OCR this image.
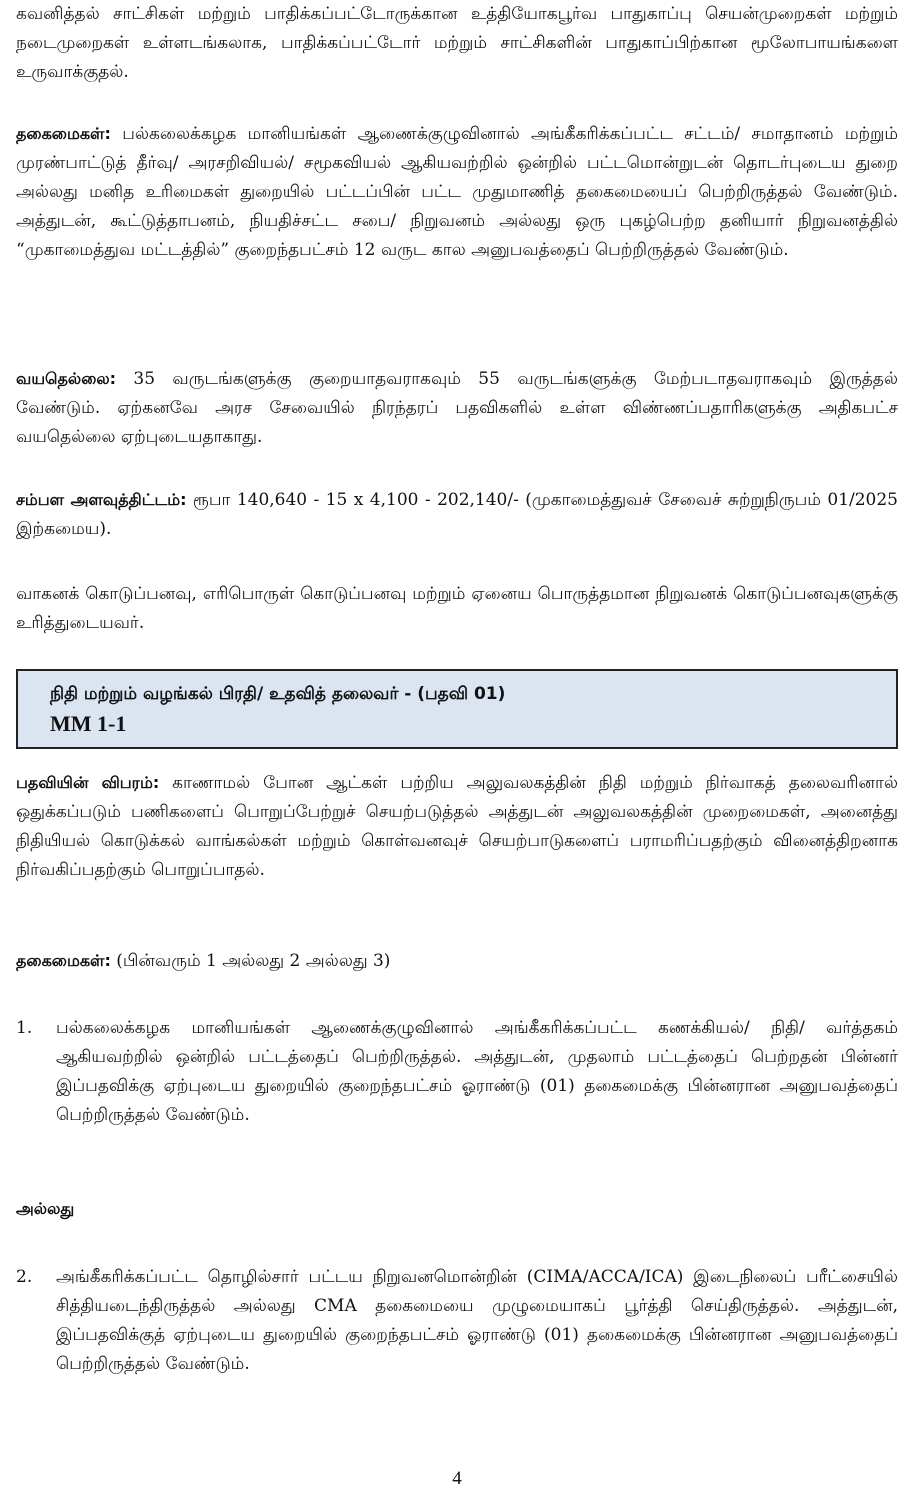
கவனித்தல் சாட்சிகள் மற்றும் பாதிக்கப்பட்டோருக்கான உத்தியோகபூர்வ பாதுகாப்பு செயன்முறைகள் மற்றும் நடைமுறைகள் உள்ளடங்கலாக, பாதிக்கப்பட்டோர் மற்றும் சாட்சிகளின் பாதுகாப்பிற்கான மூலோபாயங்களை உருவாக்குதல்.

தகைமைகள்: பல்கலைக்கழக மானியங்கள் ஆணைக்குழுவினால் அங்கீகரிக்கப்பட்ட சட்டம்/ சமாதானம் மற்றும் முரண்பாட்டுத் தீர்வு/ அரசறிவியல்/ சமூகவியல் ஆகியவற்றில் ஒன்றில் பட்டமொன்றுடன் தொடர்புடைய துறை அல்லது மனித உரிமைகள் துறையில் பட்டப்பின் பட்ட முதுமாணித் தகைமையைப் பெற்றிருத்தல் வேண்டும். அத்துடன், கூட்டுத்தாபனம், நியதிச்சட்ட சபை/ நிறுவனம் அல்லது ஒரு புகழ்பெற்ற தனியார் நிறுவனத்தில் “முகாமைத்துவ மட்டத்தில்” குறைந்தபட்சம் 12 வருட கால அனுபவத்தைப் பெற்றிருத்தல் வேண்டும்.

வயதெல்லை: 35 வருடங்களுக்கு குறையாதவராகவும் 55 வருடங்களுக்கு மேற்படாதவராகவும் இருத்தல் வேண்டும். ஏற்கனவே அரச சேவையில் நிரந்தரப் பதவிகளில் உள்ள விண்ணப்பதாரிகளுக்கு அதிகபட்ச வயதெல்லை ஏற்புடையதாகாது.

சம்பள அளவுத்திட்டம்: ரூபா 140,640 - 15 x 4,100 - 202,140/- (முகாமைத்துவச் சேவைச் சுற்றுநிருபம் 01/2025 இற்கமைய).

வாகனக் கொடுப்பனவு, எரிபொருள் கொடுப்பனவு மற்றும் ஏனைய பொருத்தமான நிறுவனக் கொடுப்பனவுகளுக்கு உரித்துடையவர்.

நிதி மற்றும் வழங்கல் பிரதி/ உதவித் தலைவர் - (பதவி 01)
MM 1-1

பதவியின் விபரம்: காணாமல் போன ஆட்கள் பற்றிய அலுவலகத்தின் நிதி மற்றும் நிர்வாகத் தலைவரினால் ஒதுக்கப்படும் பணிகளைப் பொறுப்பேற்றுச் செயற்படுத்தல் அத்துடன் அலுவலகத்தின் முறைமைகள், அனைத்து நிதியியல் கொடுக்கல் வாங்கல்கள் மற்றும் கொள்வனவுச் செயற்பாடுகளைப் பராமரிப்பதற்கும் வினைத்திறனாக நிர்வகிப்பதற்கும் பொறுப்பாதல்.

தகைமைகள்: (பின்வரும் 1 அல்லது 2 அல்லது 3)

1. பல்கலைக்கழக மானியங்கள் ஆணைக்குழுவினால் அங்கீகரிக்கப்பட்ட கணக்கியல்/ நிதி/ வர்த்தகம் ஆகியவற்றில் ஒன்றில் பட்டத்தைப் பெற்றிருத்தல். அத்துடன், முதலாம் பட்டத்தைப் பெற்றதன் பின்னர் இப்பதவிக்கு ஏற்புடைய துறையில் குறைந்தபட்சம் ஓராண்டு (01) தகைமைக்கு பின்னரான அனுபவத்தைப் பெற்றிருத்தல் வேண்டும்.
அல்லது
2. அங்கீகரிக்கப்பட்ட தொழில்சார் பட்டய நிறுவனமொன்றின் (CIMA/ACCA/ICA) இடைநிலைப் பரீட்சையில் சித்தியடைந்திருத்தல் அல்லது CMA தகைமையை முழுமையாகப் பூர்த்தி செய்திருத்தல். அத்துடன், இப்பதவிக்குத் ஏற்புடைய துறையில் குறைந்தபட்சம் ஓராண்டு (01) தகைமைக்கு பின்னரான அனுபவத்தைப் பெற்றிருத்தல் வேண்டும்.
4
